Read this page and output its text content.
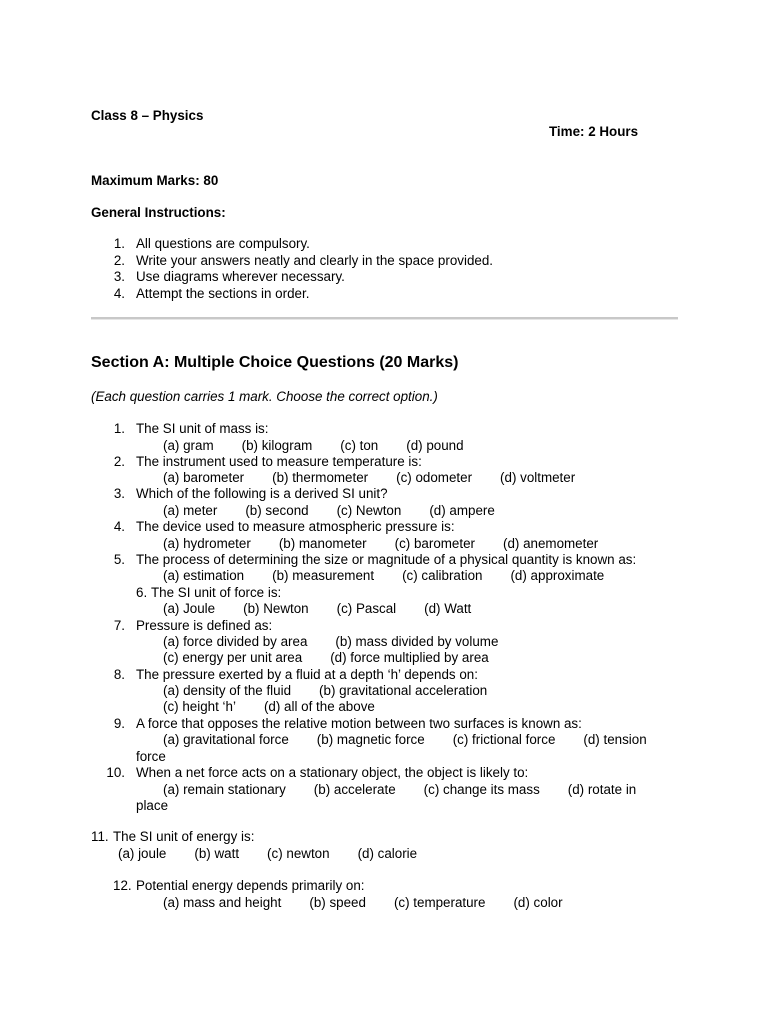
Class 8 – Physics
Time: 2 Hours
Maximum Marks: 80
General Instructions:
1. All questions are compulsory.
2. Write your answers neatly and clearly in the space provided.
3. Use diagrams wherever necessary.
4. Attempt the sections in order.
Section A: Multiple Choice Questions (20 Marks)
(Each question carries 1 mark. Choose the correct option.)
1. The SI unit of mass is:
(a) gram (b) kilogram (c) ton (d) pound
2. The instrument used to measure temperature is:
(a) barometer (b) thermometer (c) odometer (d) voltmeter
3. Which of the following is a derived SI unit?
(a) meter (b) second (c) Newton (d) ampere
4. The device used to measure atmospheric pressure is:
(a) hydrometer (b) manometer (c) barometer (d) anemometer
5. The process of determining the size or magnitude of a physical quantity is known as:
(a) estimation (b) measurement (c) calibration (d) approximate
6. The SI unit of force is:
(a) Joule (b) Newton (c) Pascal (d) Watt
7. Pressure is defined as:
(a) force divided by area (b) mass divided by volume
(c) energy per unit area (d) force multiplied by area
8. The pressure exerted by a fluid at a depth ‘h’ depends on:
(a) density of the fluid (b) gravitational acceleration
(c) height ‘h’ (d) all of the above
9. A force that opposes the relative motion between two surfaces is known as:
(a) gravitational force (b) magnetic force (c) frictional force (d) tension
force
10. When a net force acts on a stationary object, the object is likely to:
(a) remain stationary (b) accelerate (c) change its mass (d) rotate in
place
11. The SI unit of energy is:
(a) joule (b) watt (c) newton (d) calorie
12. Potential energy depends primarily on:
(a) mass and height (b) speed (c) temperature (d) color
